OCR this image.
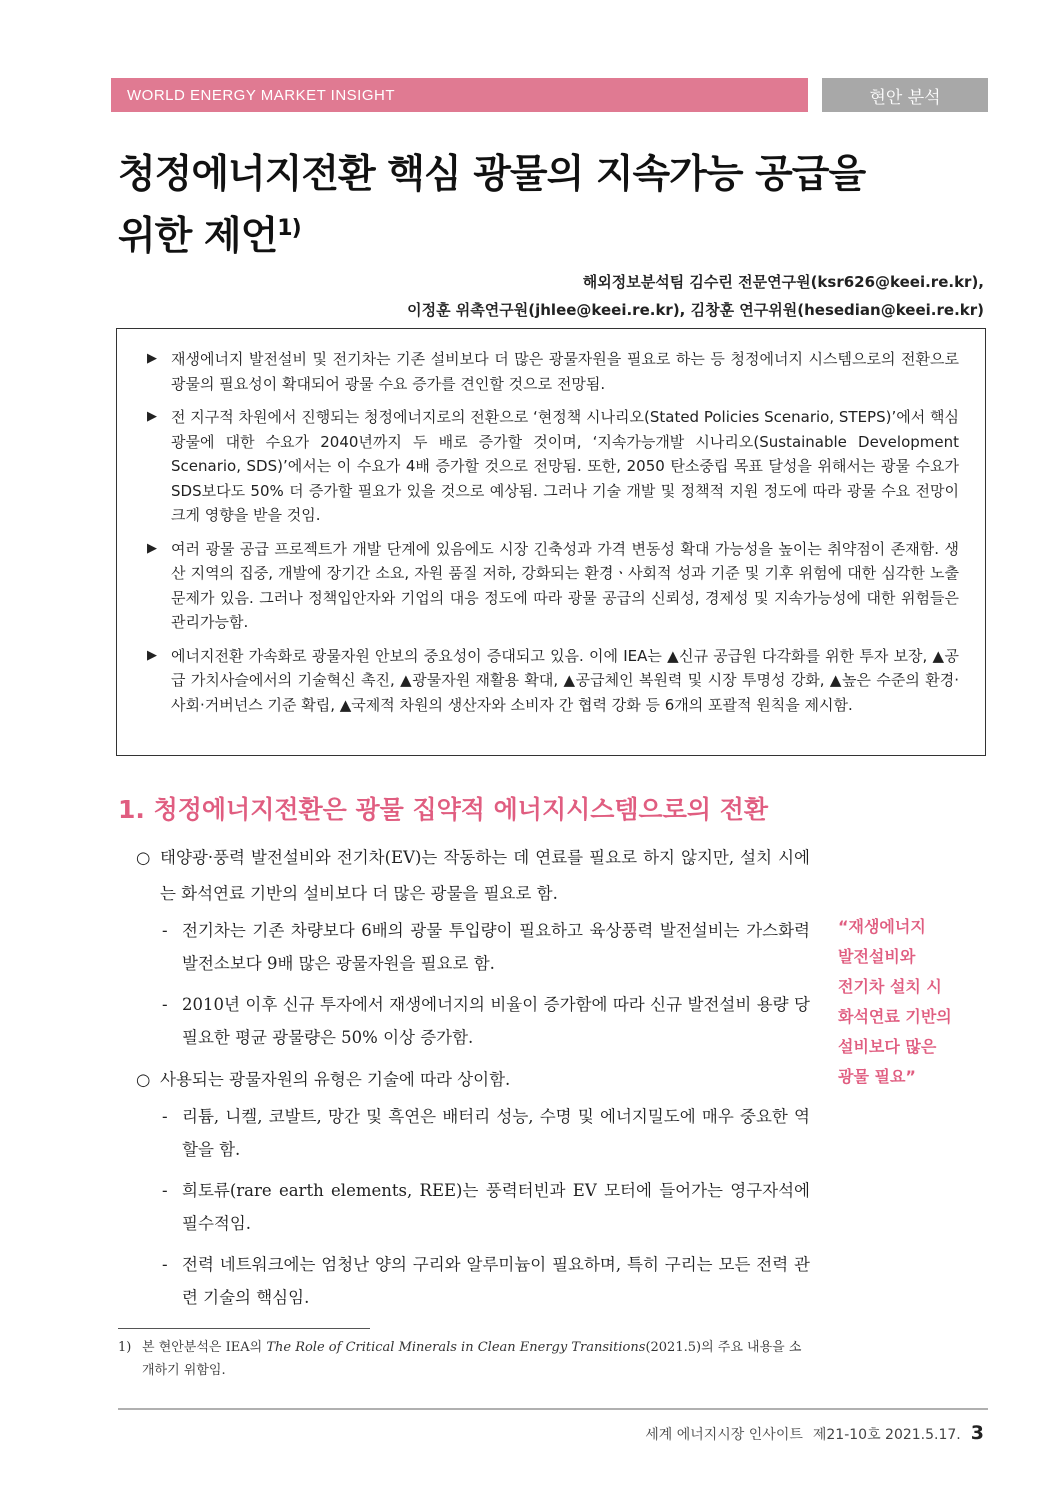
WORLD ENERGY MARKET INSIGHT	현안 분석
청정에너지전환 핵심 광물의 지속가능 공급을
위한 제언$^{1)}$
해외정보분석팀 김수린 전문연구원(ksr626@keei.re.kr),
이정훈 위촉연구원(jhlee@keei.re.kr), 김창훈 연구위원(hesedian@keei.re.kr)
▶ 재생에너지 발전설비 및 전기차는 기존 설비보다 더 많은 광물자원을 필요로 하는 등 청정에너지 시스템으로의 전환으로 광물의 필요성이 확대되어 광물 수요 증가를 견인할 것으로 전망됨.
▶ 전 지구적 차원에서 진행되는 청정에너지로의 전환으로 ‘현정책 시나리오(Stated Policies Scenario, STEPS)’에서 핵심 광물에 대한 수요가 2040년까지 두 배로 증가할 것이며, ‘지속가능개발 시나리오(Sustainable Development Scenario, SDS)’에서는 이 수요가 4배 증가할 것으로 전망됨. 또한, 2050 탄소중립 목표 달성을 위해서는 광물 수요가 SDS보다도 50% 더 증가할 필요가 있을 것으로 예상됨. 그러나 기술 개발 및 정책적 지원 정도에 따라 광물 수요 전망이 크게 영향을 받을 것임.
▶ 여러 광물 공급 프로젝트가 개발 단계에 있음에도 시장 긴축성과 가격 변동성 확대 가능성을 높이는 취약점이 존재함. 생산 지역의 집중, 개발에 장기간 소요, 자원 품질 저하, 강화되는 환경ㆍ사회적 성과 기준 및 기후 위험에 대한 심각한 노출 문제가 있음. 그러나 정책입안자와 기업의 대응 정도에 따라 광물 공급의 신뢰성, 경제성 및 지속가능성에 대한 위험들은 관리가능함.
▶ 에너지전환 가속화로 광물자원 안보의 중요성이 증대되고 있음. 이에 IEA는 ▲신규 공급원 다각화를 위한 투자 보장, ▲공급 가치사슬에서의 기술혁신 촉진, ▲광물자원 재활용 확대, ▲공급체인 복원력 및 시장 투명성 강화, ▲높은 수준의 환경·사회·거버넌스 기준 확립, ▲국제적 차원의 생산자와 소비자 간 협력 강화 등 6개의 포괄적 원칙을 제시함.
1. 청정에너지전환은 광물 집약적 에너지시스템으로의 전환
○ 태양광·풍력 발전설비와 전기차(EV)는 작동하는 데 연료를 필요로 하지 않지만, 설치 시에는 화석연료 기반의 설비보다 더 많은 광물을 필요로 함.
- 전기차는 기존 차량보다 6배의 광물 투입량이 필요하고 육상풍력 발전설비는 가스화력발전소보다 9배 많은 광물자원을 필요로 함.
- 2010년 이후 신규 투자에서 재생에너지의 비율이 증가함에 따라 신규 발전설비 용량 당 필요한 평균 광물량은 50% 이상 증가함.
○ 사용되는 광물자원의 유형은 기술에 따라 상이함.
- 리튬, 니켈, 코발트, 망간 및 흑연은 배터리 성능, 수명 및 에너지밀도에 매우 중요한 역할을 함.
- 희토류(rare earth elements, REE)는 풍력터빈과 EV 모터에 들어가는 영구자석에 필수적임.
- 전력 네트워크에는 엄청난 양의 구리와 알루미늄이 필요하며, 특히 구리는 모든 전력 관련 기술의 핵심임.
“재생에너지
발전설비와
전기차 설치 시
화석연료 기반의
설비보다 많은
광물 필요”
1) 본 현안분석은 IEA의 The Role of Critical Minerals in Clean Energy Transitions(2021.5)의 주요 내용을 소개하기 위함임.
세계 에너지시장 인사이트 제21-10호 2021.5.17. 3
